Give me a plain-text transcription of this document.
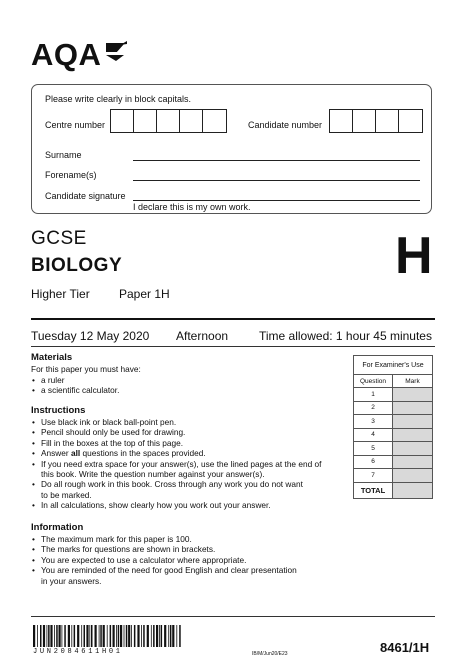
AQA
Please write clearly in block capitals.
Centre number	Candidate number
Surname
Forename(s)
Candidate signature
I declare this is my own work.
GCSE
BIOLOGY
Higher Tier Paper 1H
H
Tuesday 12 May 2020 Afternoon	Time allowed: 1 hour 45 minutes
Materials
For this paper you must have:
• a ruler
• a scientific calculator.
Instructions
• Use black ink or black ball-point pen.
• Pencil should only be used for drawing.
• Fill in the boxes at the top of this page.
• Answer all questions in the spaces provided.
• If you need extra space for your answer(s), use the lined pages at the end of
this book. Write the question number against your answer(s).
• Do all rough work in this book. Cross through any work you do not want
to be marked.
• In all calculations, show clearly how you work out your answer.
Information
• The maximum mark for this paper is 100.
• The marks for questions are shown in brackets.
• You are expected to use a calculator where appropriate.
• You are reminded of the need for good English and clear presentation
in your answers.
For Examiner's Use	
Question	Mark
1	
2	
3	
4	
5	
6	
7	
TOTAL	
JUN208461​1H01	IB/M/Jun20/E23	8461/1H
